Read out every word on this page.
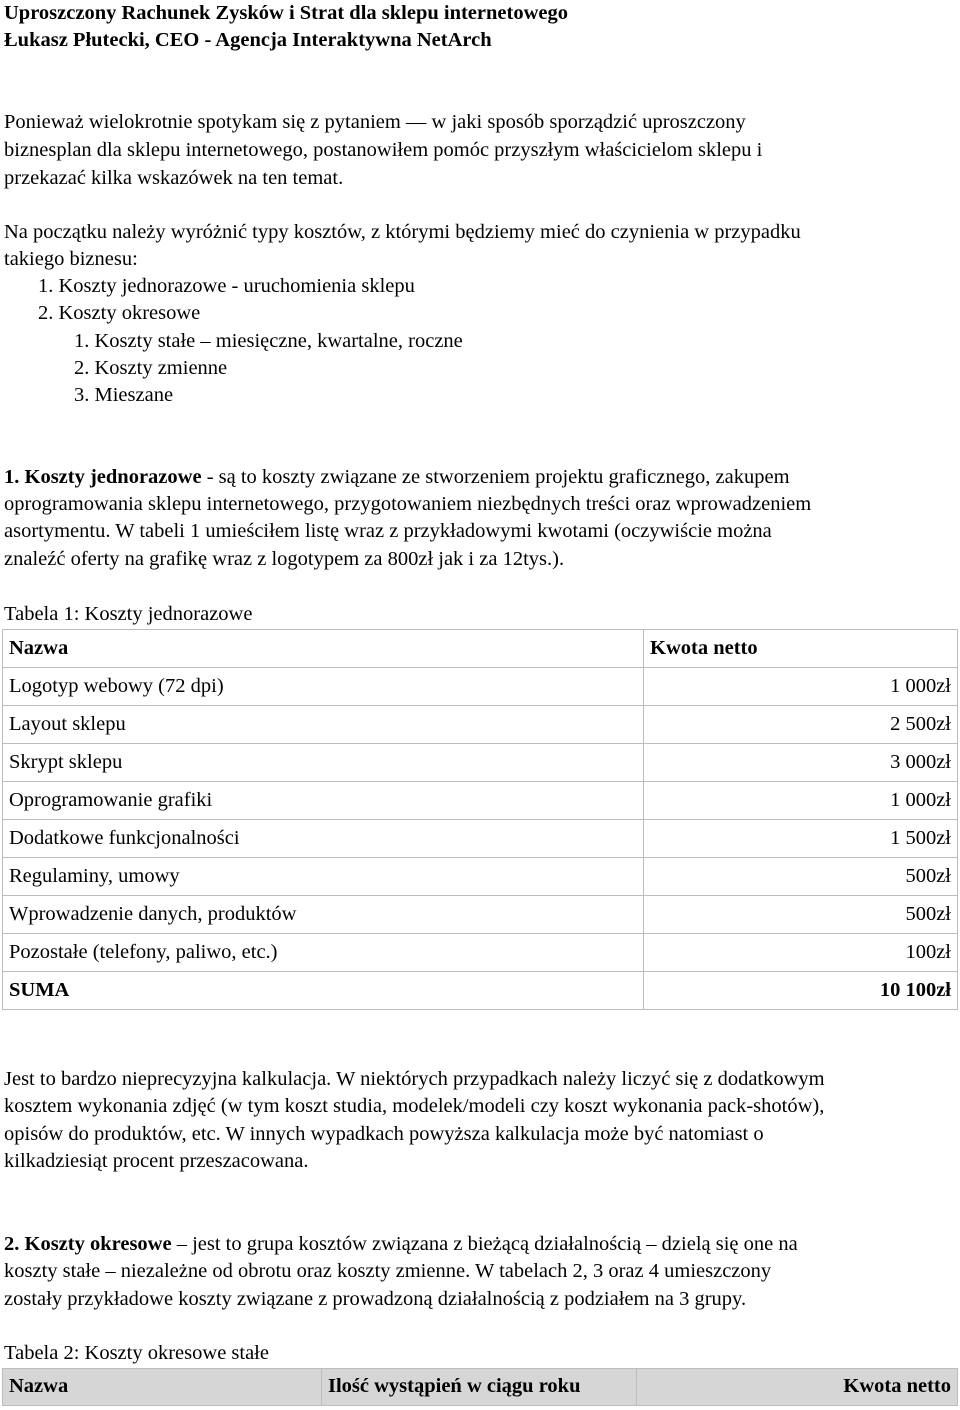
Uproszczony Rachunek Zysków i Strat dla sklepu internetowego
Łukasz Płutecki, CEO - Agencja Interaktywna NetArch
Ponieważ wielokrotnie spotykam się z pytaniem — w jaki sposób sporządzić uproszczony
biznesplan dla sklepu internetowego, postanowiłem pomóc przyszłym właścicielom sklepu i
przekazać kilka wskazówek na ten temat.
Na początku należy wyróżnić typy kosztów, z którymi będziemy mieć do czynienia w przypadku
takiego biznesu:
1. Koszty jednorazowe - uruchomienia sklepu
2. Koszty okresowe
1. Koszty stałe – miesięczne, kwartalne, roczne
2. Koszty zmienne
3. Mieszane
1. Koszty jednorazowe - są to koszty związane ze stworzeniem projektu graficznego, zakupem
oprogramowania sklepu internetowego, przygotowaniem niezbędnych treści oraz wprowadzeniem
asortymentu. W tabeli 1 umieściłem listę wraz z przykładowymi kwotami (oczywiście można
znaleźć oferty na grafikę wraz z logotypem za 800zł jak i za 12tys.).
Tabela 1: Koszty jednorazowe
Nazwa	Kwota netto
Logotyp webowy (72 dpi)	1 000zł
Layout sklepu	2 500zł
Skrypt sklepu	3 000zł
Oprogramowanie grafiki	1 000zł
Dodatkowe funkcjonalności	1 500zł
Regulaminy, umowy	500zł
Wprowadzenie danych, produktów	500zł
Pozostałe (telefony, paliwo, etc.)	100zł
SUMA	10 100zł
Jest to bardzo nieprecyzyjna kalkulacja. W niektórych przypadkach należy liczyć się z dodatkowym
kosztem wykonania zdjęć (w tym koszt studia, modelek/modeli czy koszt wykonania pack-shotów),
opisów do produktów, etc. W innych wypadkach powyższa kalkulacja może być natomiast o
kilkadziesiąt procent przeszacowana.
2. Koszty okresowe – jest to grupa kosztów związana z bieżącą działalnością – dzielą się one na
koszty stałe – niezależne od obrotu oraz koszty zmienne. W tabelach 2, 3 oraz 4 umieszczony
zostały przykładowe koszty związane z prowadzoną działalnością z podziałem na 3 grupy.
Tabela 2: Koszty okresowe stałe
Nazwa	Ilość wystąpień w ciągu roku	Kwota netto
